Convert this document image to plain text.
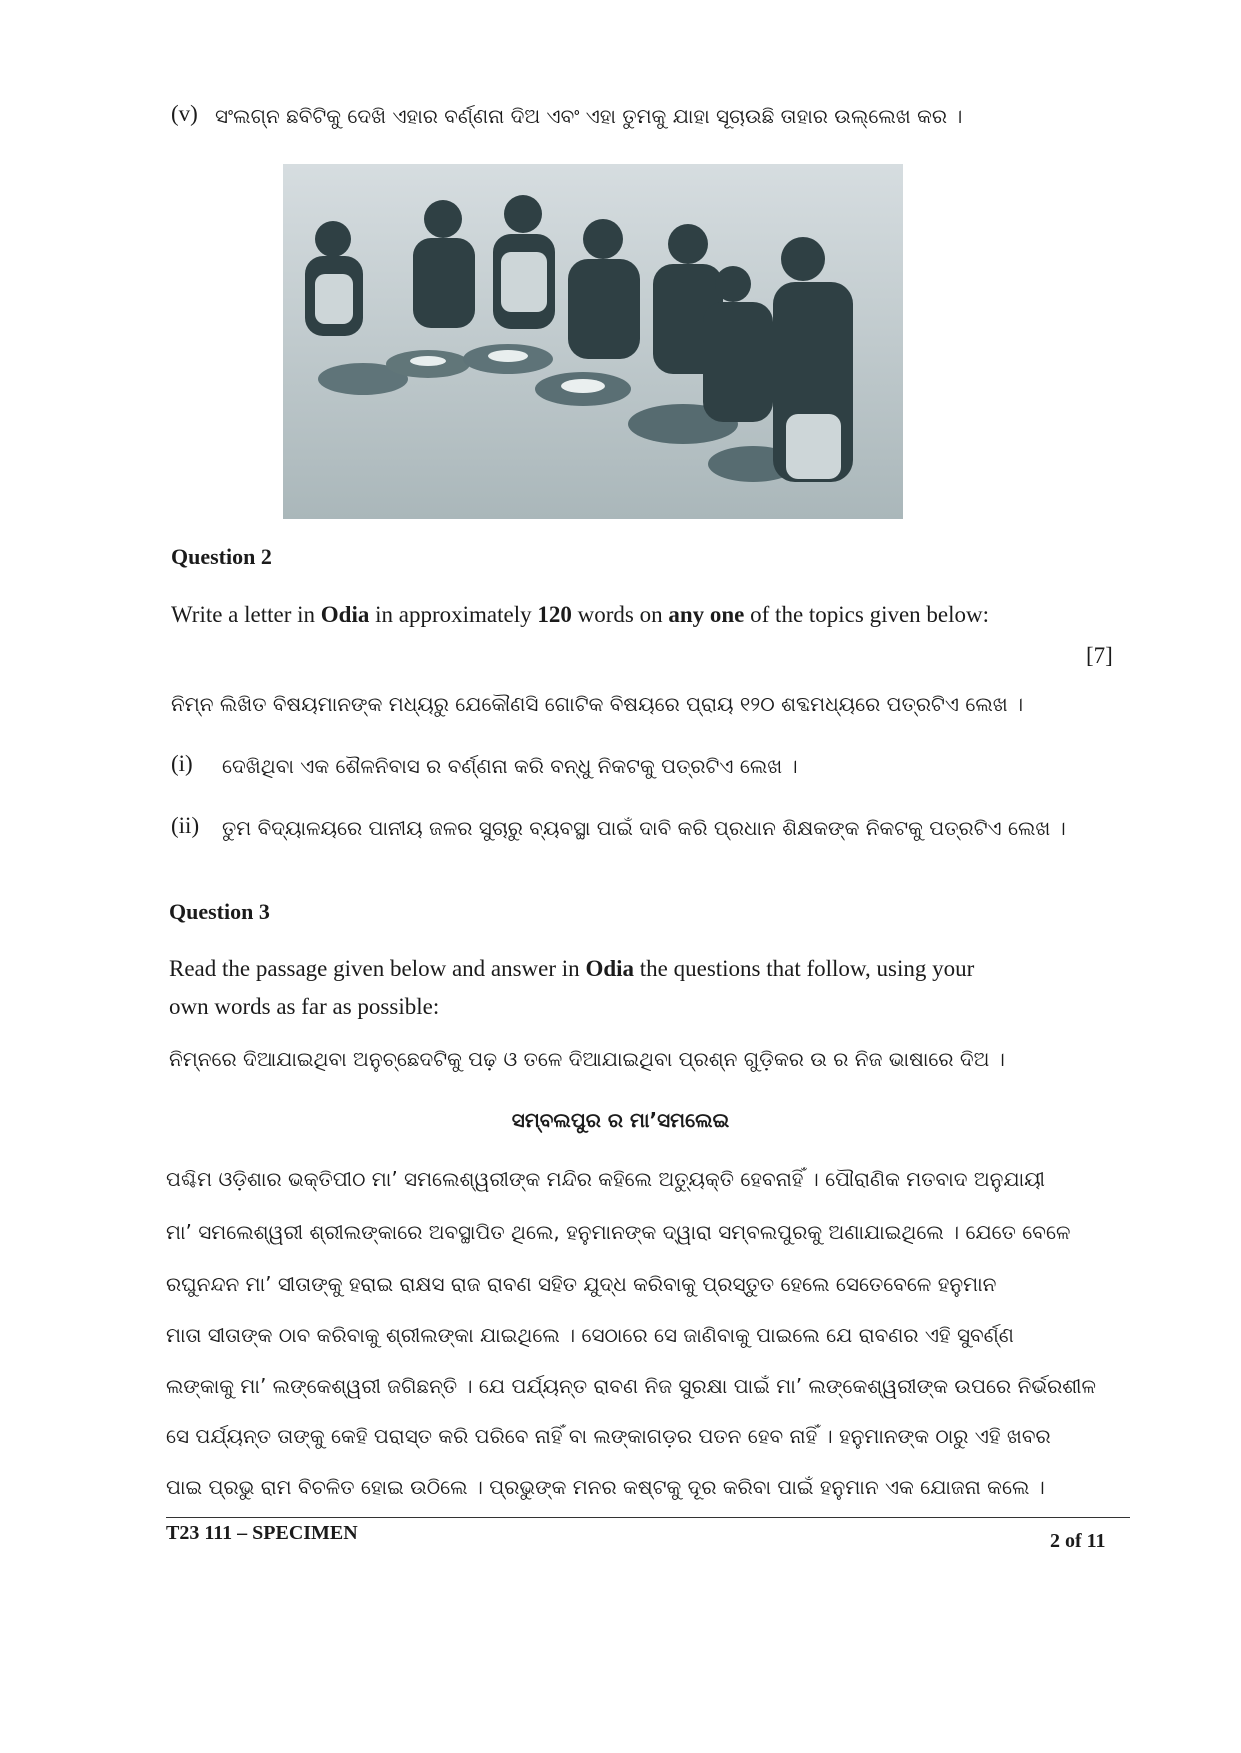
(v) ସଂଲଗ୍ନ ଛବିଟିକୁ ଦେଖି ଏହାର ବର୍ଣ୍ଣନା ଦିଅ ଏବଂ ଏହା ତୁମକୁ ଯାହା ସୂଚାଉଛି ତାହାର ଉଲ୍ଲେଖ କର ।
Question 2
Write a letter in Odia in approximately 120 words on any one of the topics given below:
[7]
ନିମ୍ନ ଲିଖିତ ବିଷୟମାନଙ୍କ ମଧ୍ୟରୁ ଯେକୌଣସି ଗୋଟିକ ବିଷୟରେ ପ୍ରାୟ ୧୨୦ ଶବ୍ଦମଧ୍ୟରେ ପତ୍ରଟିଏ ଲେଖ ।
(i) ଦେଖିଥିବା ଏକ ଶୈଳନିବାସ ର ବର୍ଣ୍ଣନା କରି ବନ୍ଧୁ ନିକଟକୁ ପତ୍ରଟିଏ ଲେଖ ।
(ii) ତୁମ ବିଦ୍ୟାଳୟରେ ପାନୀୟ ଜଳର ସୁଚାରୁ ବ୍ୟବସ୍ଥା ପାଇଁ ଦାବି କରି ପ୍ରଧାନ ଶିକ୍ଷକଙ୍କ ନିକଟକୁ ପତ୍ରଟିଏ ଲେଖ ।
Question 3
Read the passage given below and answer in Odia the questions that follow, using your own words as far as possible:
ନିମ୍ନରେ ଦିଆଯାଇଥିବା ଅନୁଚ୍ଛେଦଟିକୁ ପଢ଼ ଓ ତଳେ ଦିଆଯାଇଥିବା ପ୍ରଶ୍ନ ଗୁଡ଼ିକର ଉ ର ନିଜ ଭାଷାରେ ଦିଅ ।
ସମ୍ବଲପୁର ର ମା’ସମଲେଇ
ପଶ୍ଚିମ ଓଡ଼ିଶାର ଭକ୍ତିପୀଠ ମା’ ସମଲେଶ୍ୱରୀଙ୍କ ମନ୍ଦିର କହିଲେ ଅତ୍ୟୁକ୍ତି ହେବନାହିଁ । ପୌରାଣିକ ମତବାଦ ଅନୁଯାୟୀ
ମା’ ସମଲେଶ୍ୱରୀ ଶ୍ରୀଲଙ୍କାରେ ଅବସ୍ଥାପିତ ଥିଲେ, ହନୁମାନଙ୍କ ଦ୍ୱାରା ସମ୍ବଲପୁରକୁ ଅଣାଯାଇଥିଲେ । ଯେତେ ବେଳେ
ରଘୁନନ୍ଦନ ମା’ ସୀତାଙ୍କୁ ହରାଇ ରାକ୍ଷସ ରାଜ ରାବଣ ସହିତ ଯୁଦ୍ଧ କରିବାକୁ ପ୍ରସ୍ତୁତ ହେଲେ ସେତେବେଳେ ହନୁମାନ
ମାତା ସୀତାଙ୍କ ଠାବ କରିବାକୁ ଶ୍ରୀଲଙ୍କା ଯାଇଥିଲେ । ସେଠାରେ ସେ ଜାଣିବାକୁ ପାଇଲେ ଯେ ରାବଣର ଏହି ସୁବର୍ଣ୍ଣ
ଲଙ୍କାକୁ ମା’ ଲଙ୍କେଶ୍ୱରୀ ଜଗିଛନ୍ତି । ଯେ ପର୍ଯ୍ୟନ୍ତ ରାବଣ ନିଜ ସୁରକ୍ଷା ପାଇଁ ମା’ ଲଙ୍କେଶ୍ୱରୀଙ୍କ ଉପରେ ନିର୍ଭରଶୀଳ
ସେ ପର୍ଯ୍ୟନ୍ତ ତାଙ୍କୁ କେହି ପରାସ୍ତ କରି ପରିବେ ନାହିଁ ବା ଲଙ୍କାଗଡ଼ର ପତନ ହେବ ନାହିଁ । ହନୁମାନଙ୍କ ଠାରୁ ଏହି ଖବର
ପାଇ ପ୍ରଭୁ ରାମ ବିଚଳିତ ହୋଇ ଉଠିଲେ । ପ୍ରଭୁଙ୍କ ମନର କଷ୍ଟକୁ ଦୂର କରିବା ପାଇଁ ହନୁମାନ ଏକ ଯୋଜନା କଲେ ।
T23 111 – SPECIMEN	2 of 11
